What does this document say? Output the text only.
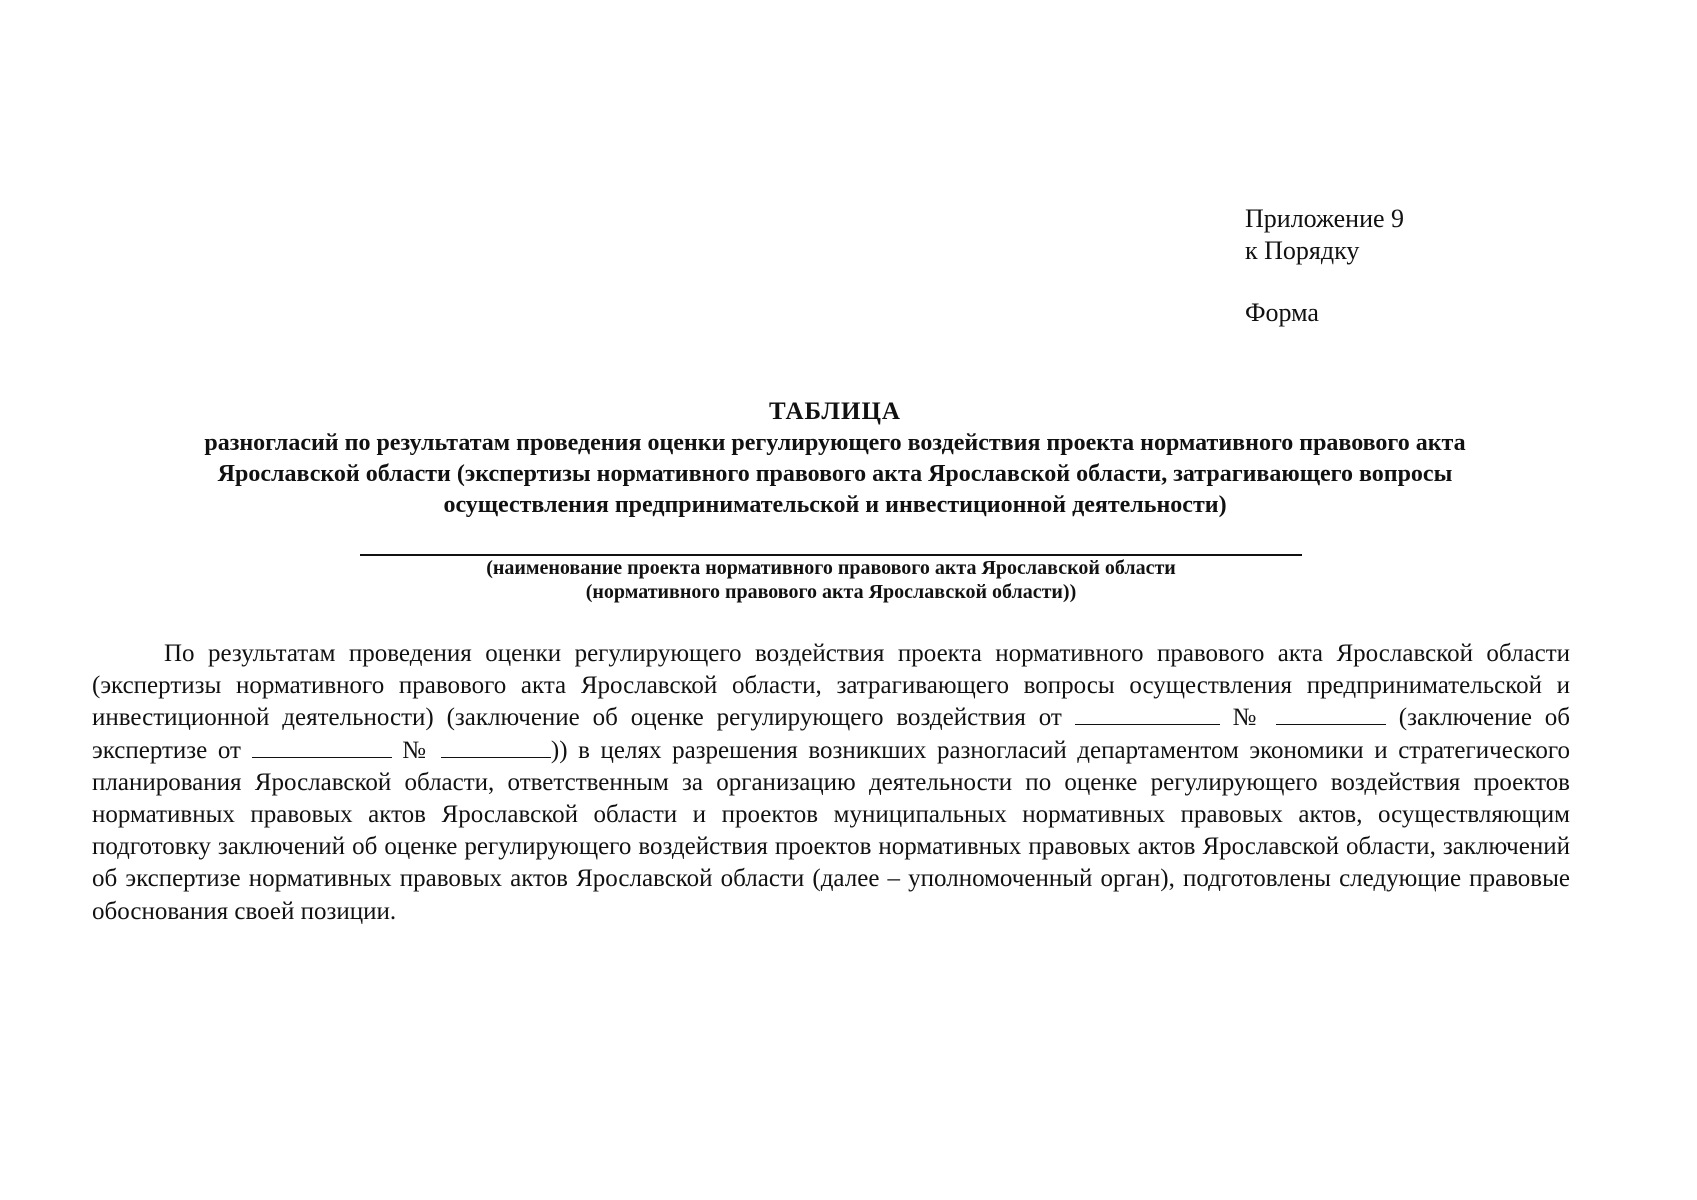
Приложение 9
к Порядку
Форма
ТАБЛИЦА
разногласий по результатам проведения оценки регулирующего воздействия проекта нормативного правового акта
Ярославской области (экспертизы нормативного правового акта Ярославской области, затрагивающего вопросы
осуществления предпринимательской и инвестиционной деятельности)
(наименование проекта нормативного правового акта Ярославской области
(нормативного правового акта Ярославской области))
По результатам проведения оценки регулирующего воздействия проекта нормативного правового акта Ярославской области (экспертизы нормативного правового акта Ярославской области, затрагивающего вопросы осуществления предпринимательской и инвестиционной деятельности) (заключение об оценке регулирующего воздействия от	№	(заключение об экспертизе от	№	)) в целях разрешения возникших разногласий департаментом экономики и стратегического планирования Ярославской области, ответственным за организацию деятельности по оценке регулирующего воздействия проектов нормативных правовых актов Ярославской области и проектов муниципальных нормативных правовых актов, осуществляющим подготовку заключений об оценке регулирующего воздействия проектов нормативных правовых актов Ярославской области, заключений об экспертизе нормативных правовых актов Ярославской области (далее – уполномоченный орган), подготовлены следующие правовые обоснования своей позиции.
